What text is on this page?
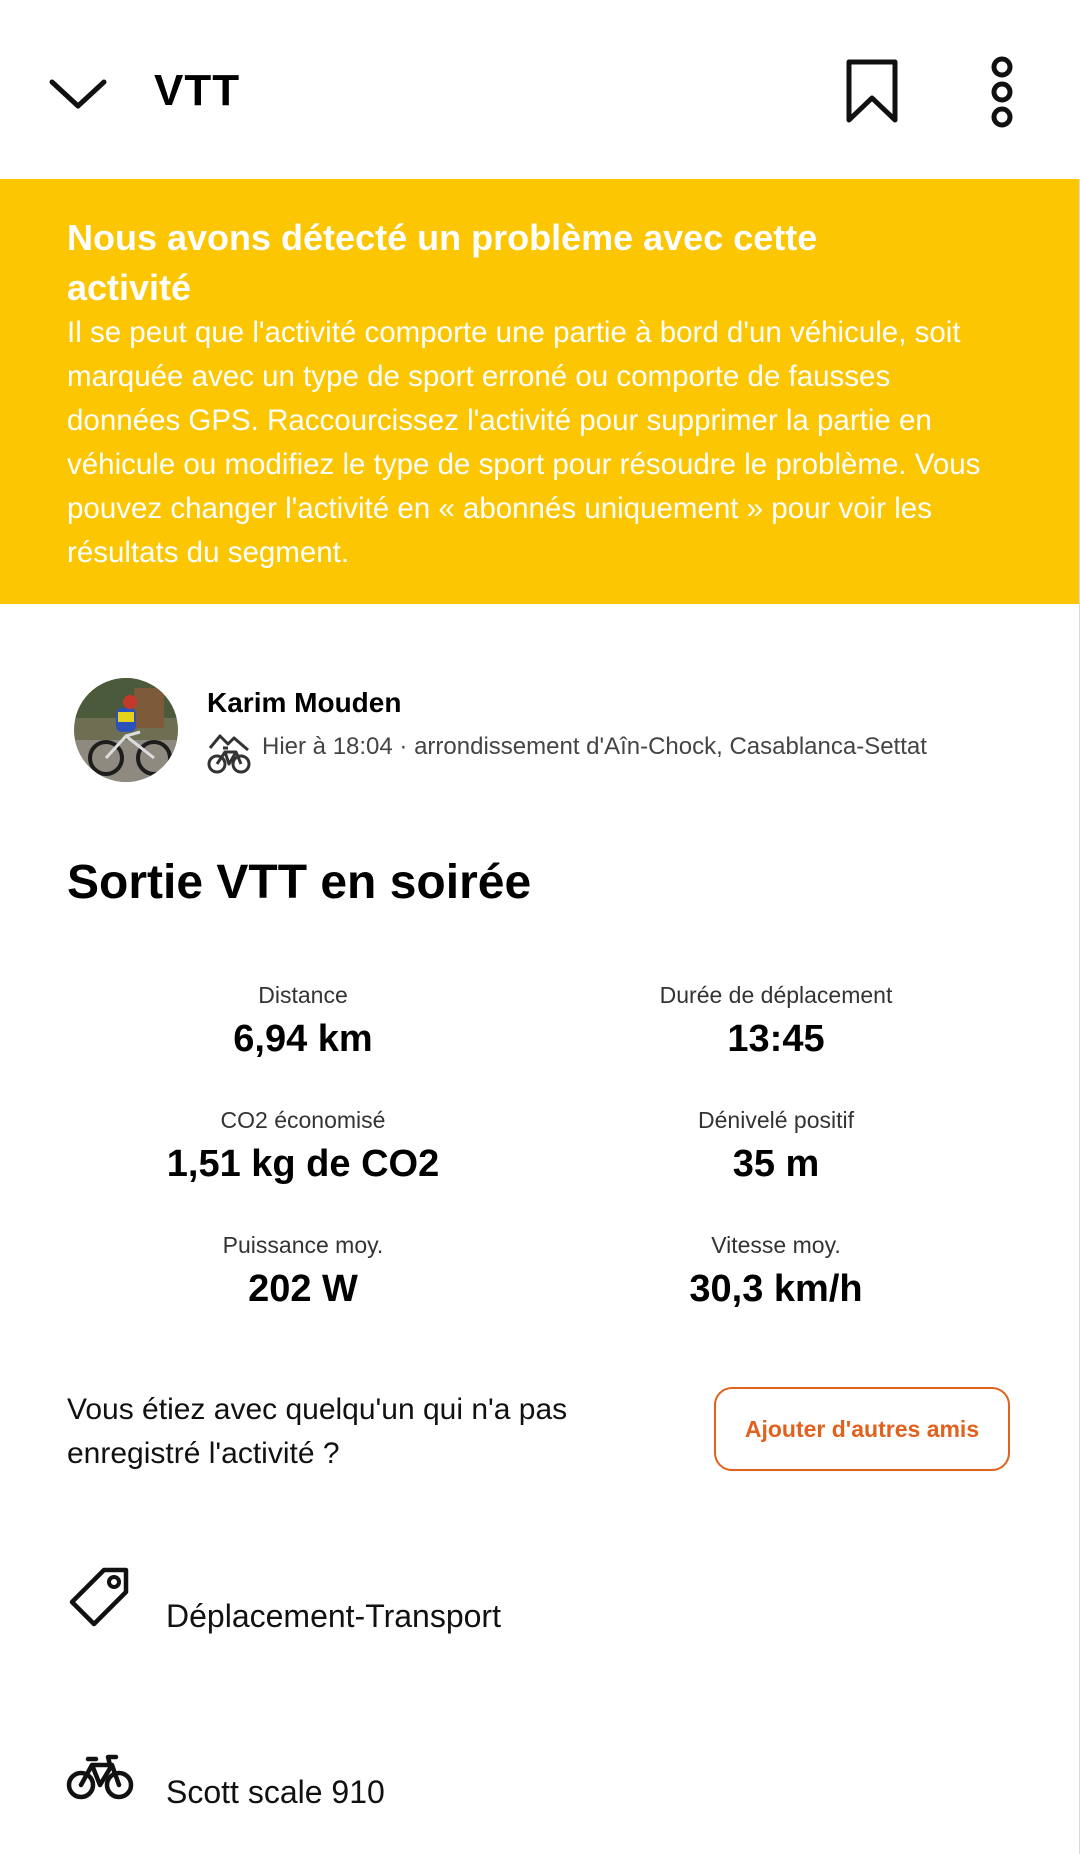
VTT
Nous avons détecté un problème avec cette activité
Il se peut que l'activité comporte une partie à bord d'un véhicule, soit marquée avec un type de sport erroné ou comporte de fausses données GPS. Raccourcissez l'activité pour supprimer la partie en véhicule ou modifiez le type de sport pour résoudre le problème. Vous pouvez changer l'activité en « abonnés uniquement » pour voir les résultats du segment.
Karim Mouden
Hier à 18:04 · arrondissement d'Aîn-Chock, Casablanca-Settat
Sortie VTT en soirée
Distance
6,94 km
Durée de déplacement
13:45
CO2 économisé
1,51 kg de CO2
Dénivelé positif
35 m
Puissance moy.
202 W
Vitesse moy.
30,3 km/h
Vous étiez avec quelqu'un qui n'a pas enregistré l'activité ?
Ajouter d'autres amis
Déplacement-Transport
Scott scale 910
